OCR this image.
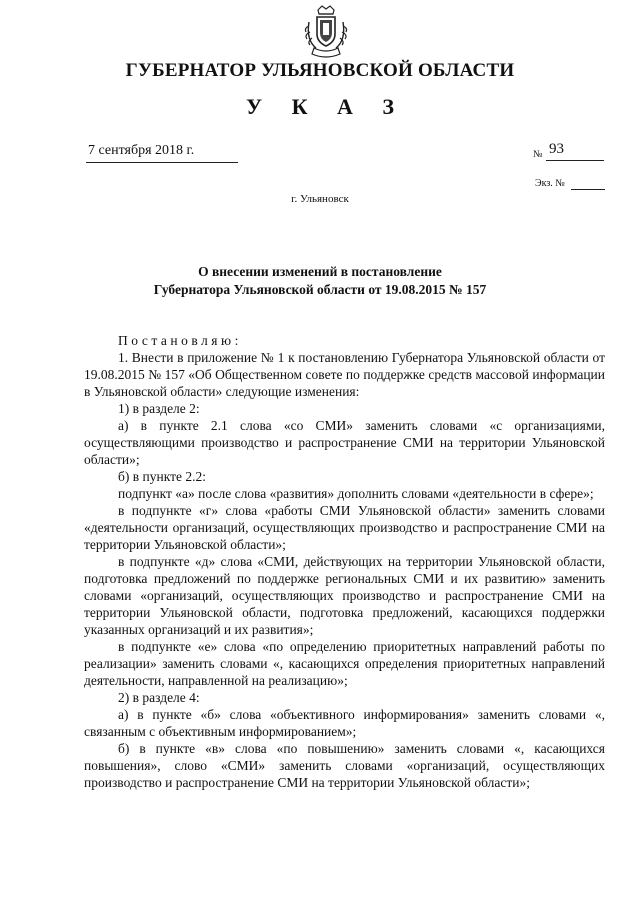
ГУБЕРНАТОР УЛЬЯНОВСКОЙ ОБЛАСТИ
У К А З
7 сентября 2018 г.	№ 93
Экз. №
г. Ульяновск
О внесении изменений в постановление
Губернатора Ульяновской области от 19.08.2015 № 157

Постановляю:

1. Внести в приложение № 1 к постановлению Губернатора Ульяновской области от 19.08.2015 № 157 «Об Общественном совете по поддержке средств массовой информации в Ульяновской области» следующие изменения:

1) в разделе 2:

а) в пункте 2.1 слова «со СМИ» заменить словами «с организациями, осуществляющими производство и распространение СМИ на территории Ульяновской области»;

б) в пункте 2.2:

подпункт «а» после слова «развития» дополнить словами «деятельности в сфере»;

в подпункте «г» слова «работы СМИ Ульяновской области» заменить словами «деятельности организаций, осуществляющих производство и распространение СМИ на территории Ульяновской области»;

в подпункте «д» слова «СМИ, действующих на территории Ульяновской области, подготовка предложений по поддержке региональных СМИ и их развитию» заменить словами «организаций, осуществляющих производство и распространение СМИ на территории Ульяновской области, подготовка предложений, касающихся поддержки указанных организаций и их развития»;

в подпункте «е» слова «по определению приоритетных направлений работы по реализации» заменить словами «, касающихся определения приоритетных направлений деятельности, направленной на реализацию»;

2) в разделе 4:

а) в пункте «б» слова «объективного информирования» заменить словами «, связанным с объективным информированием»;

б) в пункте «в» слова «по повышению» заменить словами «, касающихся повышения», слово «СМИ» заменить словами «организаций, осуществляющих производство и распространение СМИ на территории Ульяновской области»;
